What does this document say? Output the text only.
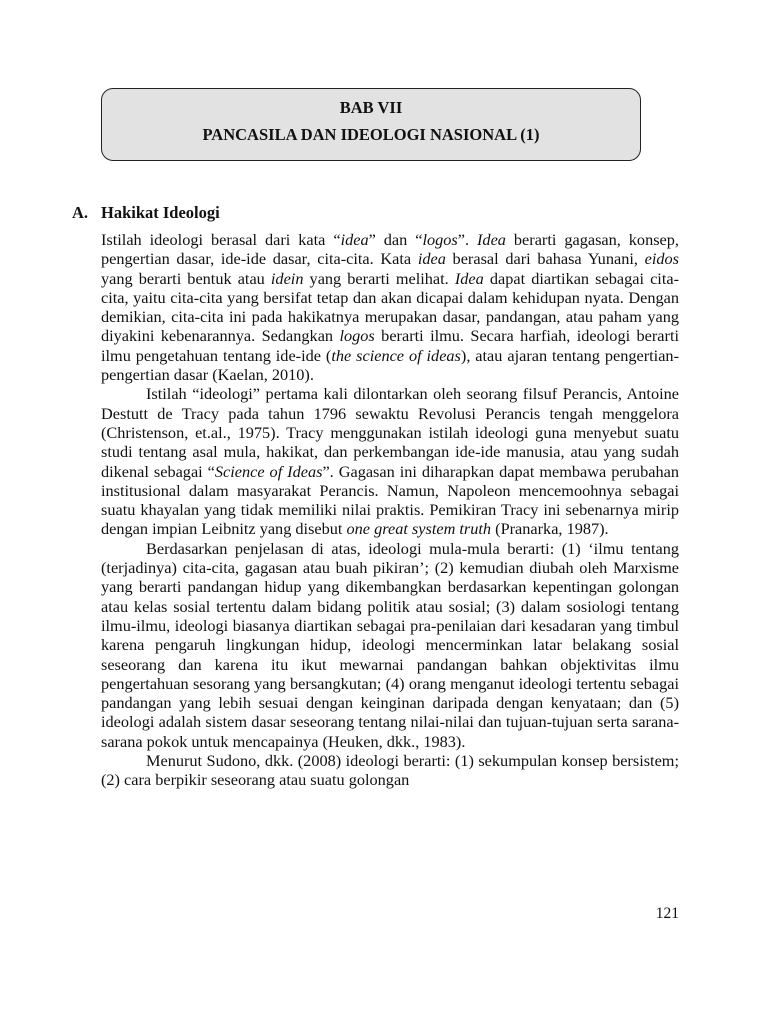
BAB VII
PANCASILA DAN IDEOLOGI NASIONAL (1)
A. Hakikat Ideologi

Istilah ideologi berasal dari kata “idea” dan “logos”. Idea berarti gagasan, konsep, pengertian dasar, ide-ide dasar, cita-cita. Kata idea berasal dari bahasa Yunani, eidos yang berarti bentuk atau idein yang berarti melihat. Idea dapat diartikan sebagai cita-cita, yaitu cita-cita yang bersifat tetap dan akan dicapai dalam kehidupan nyata. Dengan demikian, cita-cita ini pada hakikatnya merupakan dasar, pandangan, atau paham yang diyakini kebenarannya. Sedangkan logos berarti ilmu. Secara harfiah, ideologi berarti ilmu pengetahuan tentang ide-ide (the science of ideas), atau ajaran tentang pengertian-pengertian dasar (Kaelan, 2010).

Istilah “ideologi” pertama kali dilontarkan oleh seorang filsuf Perancis, Antoine Destutt de Tracy pada tahun 1796 sewaktu Revolusi Perancis tengah menggelora (Christenson, et.al., 1975). Tracy menggunakan istilah ideologi guna menyebut suatu studi tentang asal mula, hakikat, dan perkembangan ide-ide manusia, atau yang sudah dikenal sebagai “Science of Ideas”. Gagasan ini diharapkan dapat membawa perubahan institusional dalam masyarakat Perancis. Namun, Napoleon mencemoohnya sebagai suatu khayalan yang tidak memiliki nilai praktis. Pemikiran Tracy ini sebenarnya mirip dengan impian Leibnitz yang disebut one great system truth (Pranarka, 1987).

Berdasarkan penjelasan di atas, ideologi mula-mula berarti: (1) ‘ilmu tentang (terjadinya) cita-cita, gagasan atau buah pikiran’; (2) kemudian diubah oleh Marxisme yang berarti pandangan hidup yang dikembangkan berdasarkan kepentingan golongan atau kelas sosial tertentu dalam bidang politik atau sosial; (3) dalam sosiologi tentang ilmu-ilmu, ideologi biasanya diartikan sebagai pra-penilaian dari kesadaran yang timbul karena pengaruh lingkungan hidup, ideologi mencerminkan latar belakang sosial seseorang dan karena itu ikut mewarnai pandangan bahkan objektivitas ilmu pengertahuan sesorang yang bersangkutan; (4) orang menganut ideologi tertentu sebagai pandangan yang lebih sesuai dengan keinginan daripada dengan kenyataan; dan (5) ideologi adalah sistem dasar seseorang tentang nilai-nilai dan tujuan-tujuan serta sarana-sarana pokok untuk mencapainya (Heuken, dkk., 1983).

Menurut Sudono, dkk. (2008) ideologi berarti: (1) sekumpulan konsep bersistem; (2) cara berpikir seseorang atau suatu golongan

121
